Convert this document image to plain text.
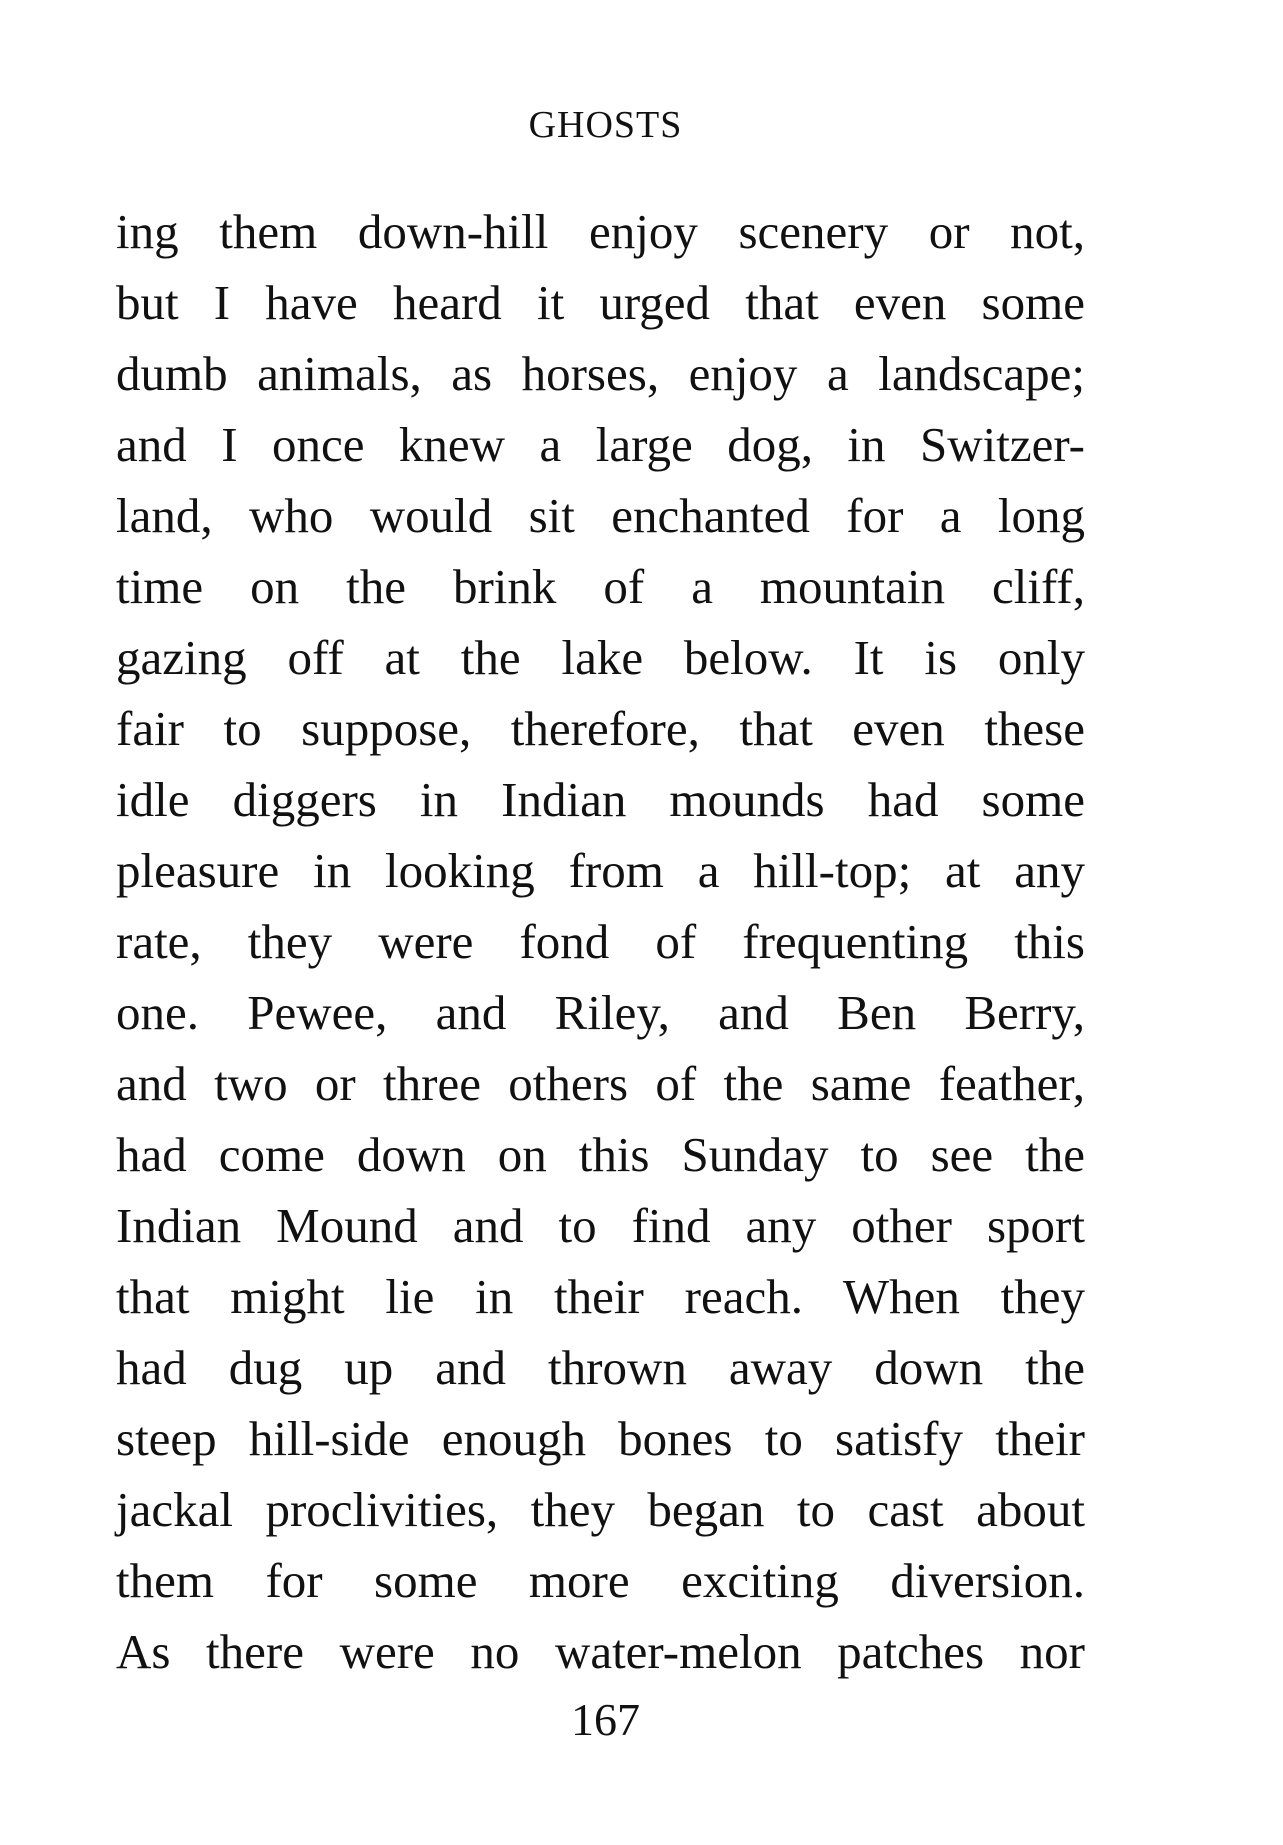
GHOSTS
ing them down-hill enjoy scenery or not,
but I have heard it urged that even some
dumb animals, as horses, enjoy a landscape;
and I once knew a large dog, in Switzer-
land, who would sit enchanted for a long
time on the brink of a mountain cliff,
gazing off at the lake below. It is only
fair to suppose, therefore, that even these
idle diggers in Indian mounds had some
pleasure in looking from a hill-top; at any
rate, they were fond of frequenting this
one. Pewee, and Riley, and Ben Berry,
and two or three others of the same feather,
had come down on this Sunday to see the
Indian Mound and to find any other sport
that might lie in their reach. When they
had dug up and thrown away down the
steep hill-side enough bones to satisfy their
jackal proclivities, they began to cast about
them for some more exciting diversion.
As there were no water-melon patches nor
167
